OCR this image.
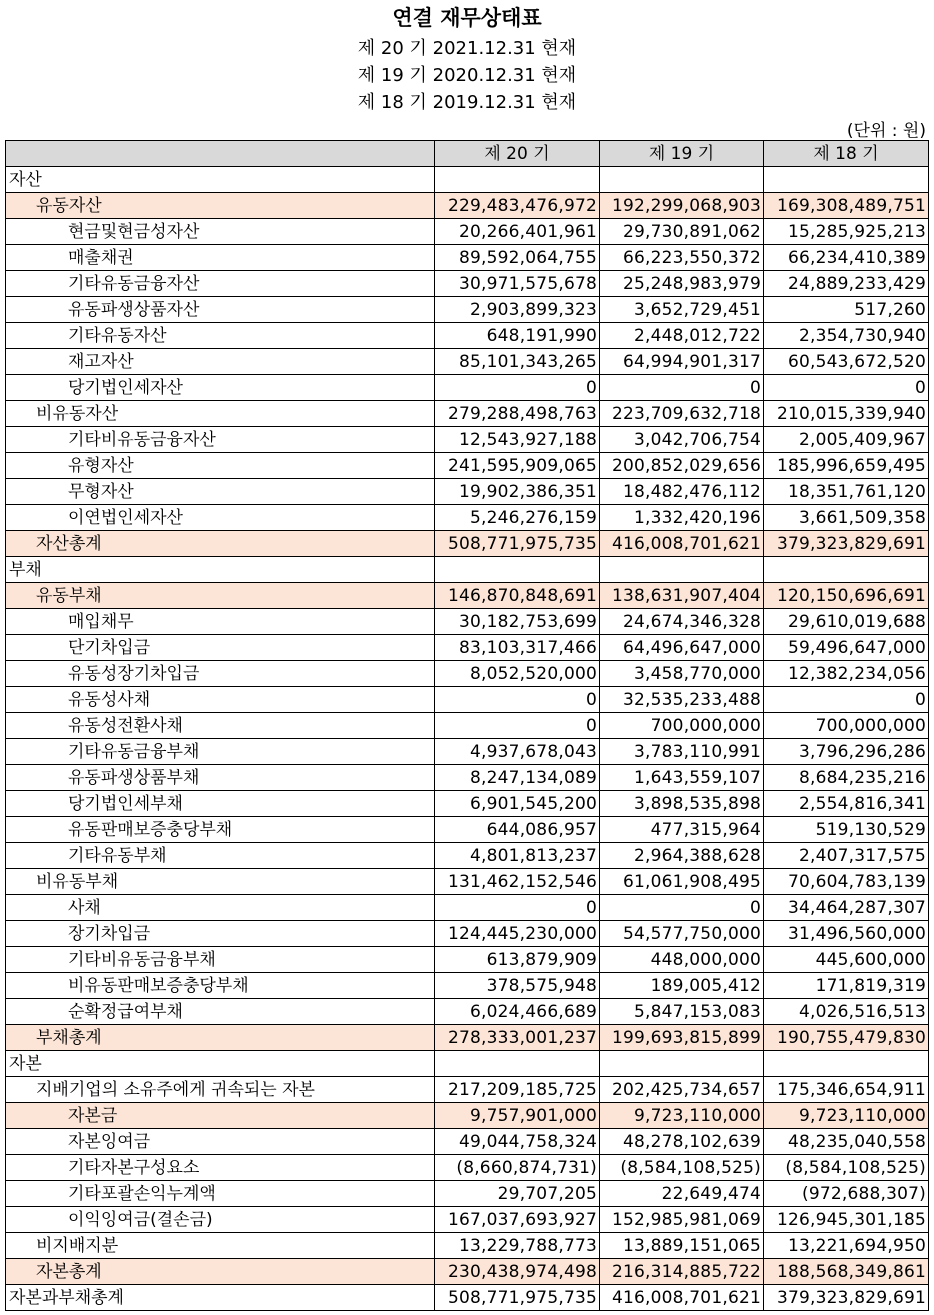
연결 재무상태표
제 20 기 2021.12.31 현재
제 19 기 2020.12.31 현재
제 18 기 2019.12.31 현재
(단위 : 원)
	제 20 기	제 19 기	제 18 기
자산			
유동자산	229,483,476,972	192,299,068,903	169,308,489,751
현금및현금성자산	20,266,401,961	29,730,891,062	15,285,925,213
매출채권	89,592,064,755	66,223,550,372	66,234,410,389
기타유동금융자산	30,971,575,678	25,248,983,979	24,889,233,429
유동파생상품자산	2,903,899,323	3,652,729,451	517,260
기타유동자산	648,191,990	2,448,012,722	2,354,730,940
재고자산	85,101,343,265	64,994,901,317	60,543,672,520
당기법인세자산	0	0	0
비유동자산	279,288,498,763	223,709,632,718	210,015,339,940
기타비유동금융자산	12,543,927,188	3,042,706,754	2,005,409,967
유형자산	241,595,909,065	200,852,029,656	185,996,659,495
무형자산	19,902,386,351	18,482,476,112	18,351,761,120
이연법인세자산	5,246,276,159	1,332,420,196	3,661,509,358
자산총계	508,771,975,735	416,008,701,621	379,323,829,691
부채			
유동부채	146,870,848,691	138,631,907,404	120,150,696,691
매입채무	30,182,753,699	24,674,346,328	29,610,019,688
단기차입금	83,103,317,466	64,496,647,000	59,496,647,000
유동성장기차입금	8,052,520,000	3,458,770,000	12,382,234,056
유동성사채	0	32,535,233,488	0
유동성전환사채	0	700,000,000	700,000,000
기타유동금융부채	4,937,678,043	3,783,110,991	3,796,296,286
유동파생상품부채	8,247,134,089	1,643,559,107	8,684,235,216
당기법인세부채	6,901,545,200	3,898,535,898	2,554,816,341
유동판매보증충당부채	644,086,957	477,315,964	519,130,529
기타유동부채	4,801,813,237	2,964,388,628	2,407,317,575
비유동부채	131,462,152,546	61,061,908,495	70,604,783,139
사채	0	0	34,464,287,307
장기차입금	124,445,230,000	54,577,750,000	31,496,560,000
기타비유동금융부채	613,879,909	448,000,000	445,600,000
비유동판매보증충당부채	378,575,948	189,005,412	171,819,319
순확정급여부채	6,024,466,689	5,847,153,083	4,026,516,513
부채총계	278,333,001,237	199,693,815,899	190,755,479,830
자본			
지배기업의 소유주에게 귀속되는 자본	217,209,185,725	202,425,734,657	175,346,654,911
자본금	9,757,901,000	9,723,110,000	9,723,110,000
자본잉여금	49,044,758,324	48,278,102,639	48,235,040,558
기타자본구성요소	(8,660,874,731)	(8,584,108,525)	(8,584,108,525)
기타포괄손익누계액	29,707,205	22,649,474	(972,688,307)
이익잉여금(결손금)	167,037,693,927	152,985,981,069	126,945,301,185
비지배지분	13,229,788,773	13,889,151,065	13,221,694,950
자본총계	230,438,974,498	216,314,885,722	188,568,349,861
자본과부채총계	508,771,975,735	416,008,701,621	379,323,829,691
